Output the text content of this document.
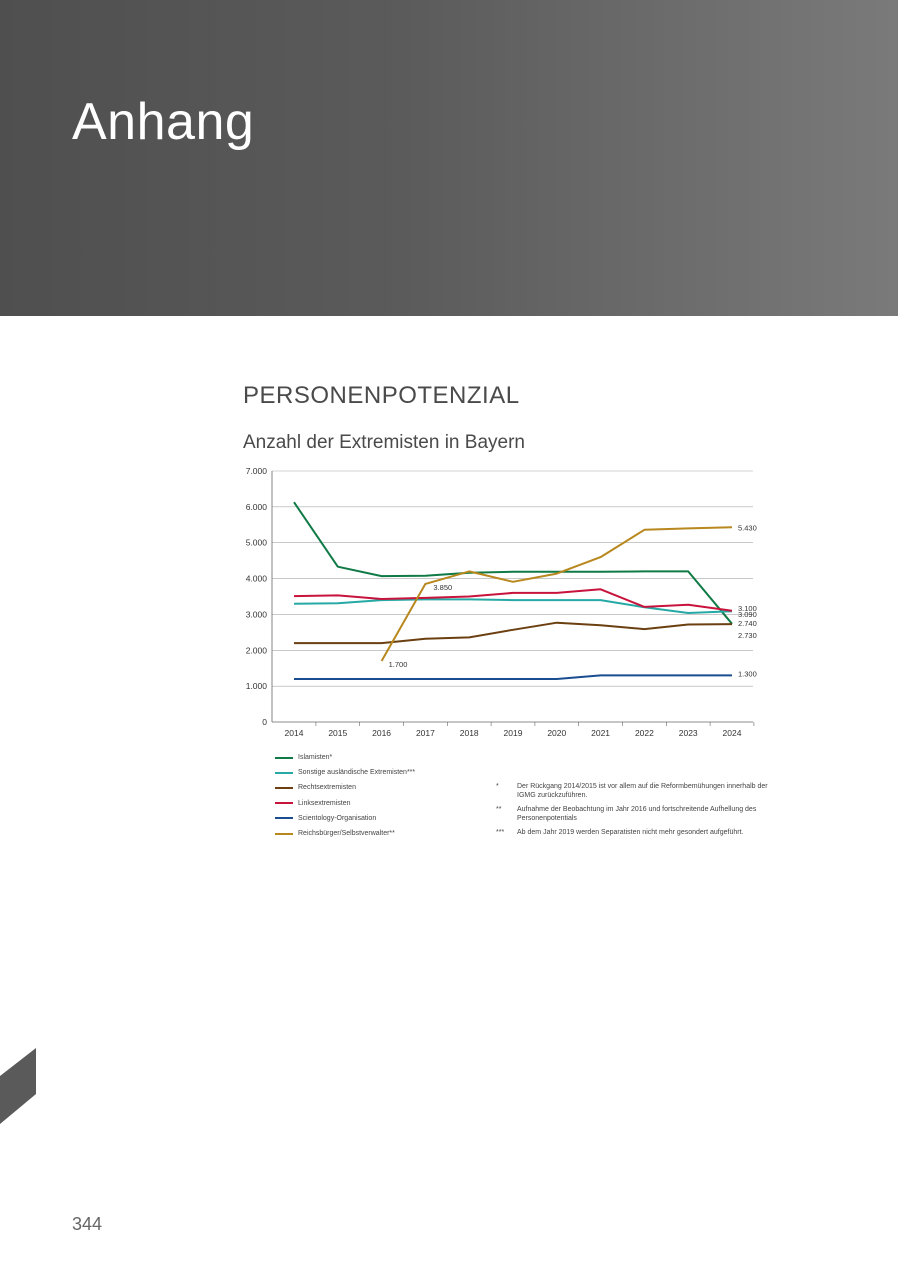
Anhang
PERSONENPOTENZIAL
Anzahl der Extremisten in Bayern
0
1.000
2.000
3.000
4.000
5.000
6.000
7.000
2014	2015	2016	2017	2018	2019	2020	2021	2022	2023	2024
5.430
3.100
3.090
2.740
2.730
1.300
3.850
1.700
Islamisten*
Sonstige ausländische Extremisten***
Rechtsextremisten
Linksextremisten
Scientology-Organisation
Reichsbürger/Selbstverwalter**
*	Der Rückgang 2014/2015 ist vor allem auf die Reformbemühungen innerhalb der IGMG zurückzuführen.
**	Aufnahme der Beobachtung im Jahr 2016 und fortschreitende Aufhellung des Personenpotentials
***	Ab dem Jahr 2019 werden Separatisten nicht mehr gesondert aufgeführt.
344
